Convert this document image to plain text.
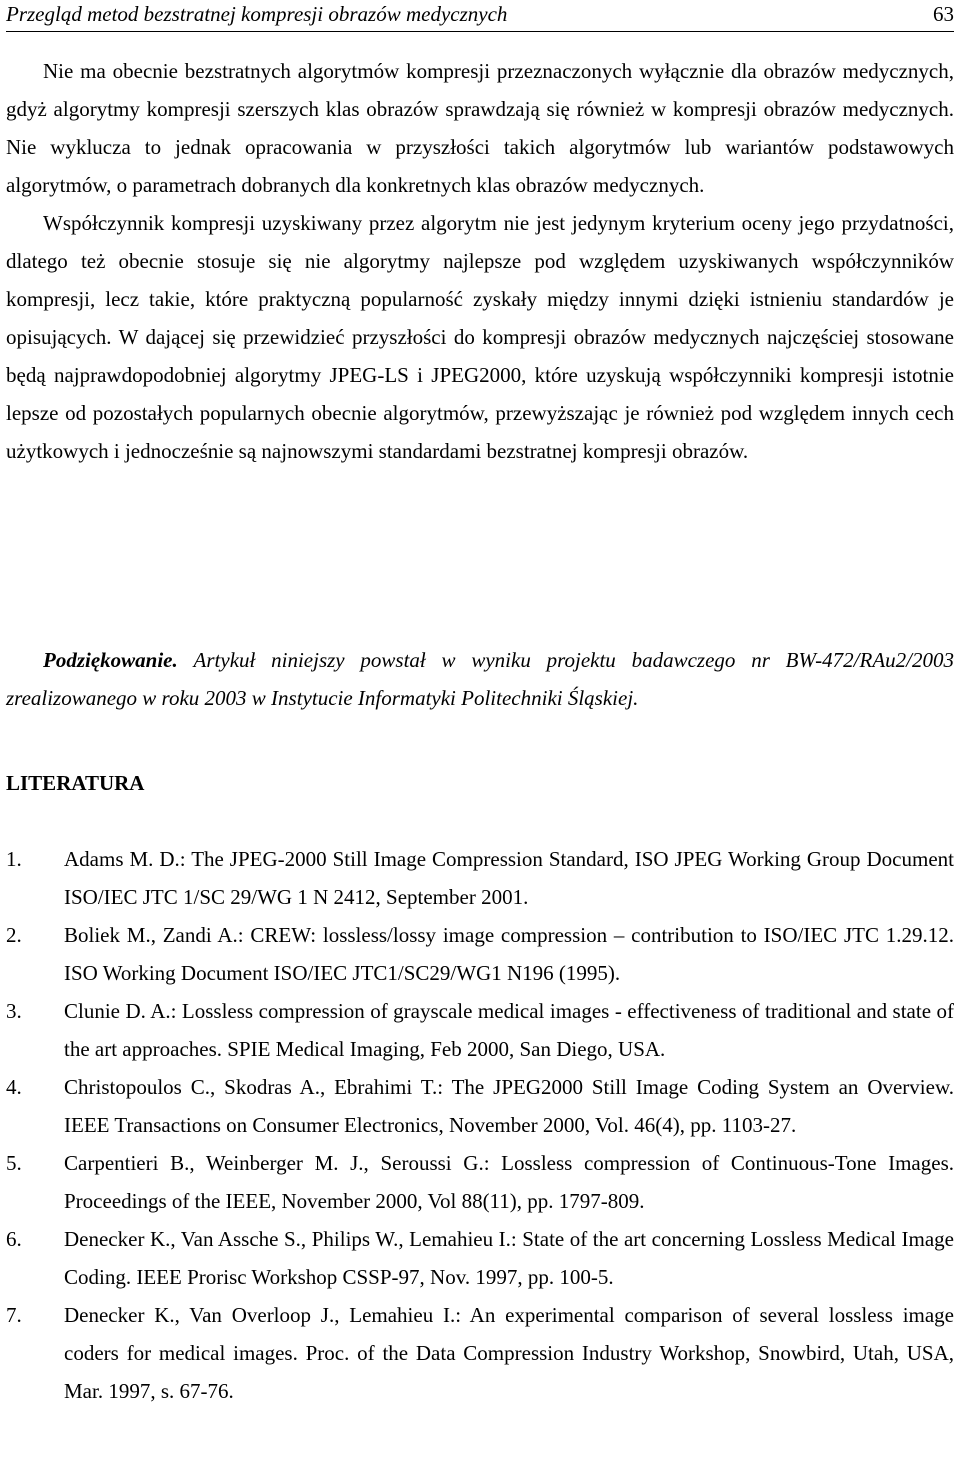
Przegląd metod bezstratnej kompresji obrazów medycznych	63

Nie ma obecnie bezstratnych algorytmów kompresji przeznaczonych wyłącznie dla obrazów medycznych, gdyż algorytmy kompresji szerszych klas obrazów sprawdzają się również w kompresji obrazów medycznych. Nie wyklucza to jednak opracowania w przyszłości takich algorytmów lub wariantów podstawowych algorytmów, o parametrach dobranych dla konkretnych klas obrazów medycznych.

Współczynnik kompresji uzyskiwany przez algorytm nie jest jedynym kryterium oceny jego przydatności, dlatego też obecnie stosuje się nie algorytmy najlepsze pod względem uzyskiwanych współczynników kompresji, lecz takie, które praktyczną popularność zyskały między innymi dzięki istnieniu standardów je opisujących. W dającej się przewidzieć przyszłości do kompresji obrazów medycznych najczęściej stosowane będą najprawdopodobniej algorytmy JPEG-LS i JPEG2000, które uzyskują współczynniki kompresji istotnie lepsze od pozostałych popularnych obecnie algorytmów, przewyższając je również pod względem innych cech użytkowych i jednocześnie są najnowszymi standardami bezstratnej kompresji obrazów.

Podziękowanie. Artykuł niniejszy powstał w wyniku projektu badawczego nr BW-472/RAu2/2003 zrealizowanego w roku 2003 w Instytucie Informatyki Politechniki Śląskiej.

LITERATURA
1. Adams M. D.: The JPEG-2000 Still Image Compression Standard, ISO JPEG Working Group Document ISO/IEC JTC 1/SC 29/WG 1 N 2412, September 2001.
2. Boliek M., Zandi A.: CREW: lossless/lossy image compression – contribution to ISO/IEC JTC 1.29.12. ISO Working Document ISO/IEC JTC1/SC29/WG1 N196 (1995).
3. Clunie D. A.: Lossless compression of grayscale medical images - effectiveness of traditional and state of the art approaches. SPIE Medical Imaging, Feb 2000, San Diego, USA.
4. Christopoulos C., Skodras A., Ebrahimi T.: The JPEG2000 Still Image Coding System an Overview. IEEE Transactions on Consumer Electronics, November 2000, Vol. 46(4), pp. 1103-27.
5. Carpentieri B., Weinberger M. J., Seroussi G.: Lossless compression of Continuous-Tone Images. Proceedings of the IEEE, November 2000, Vol 88(11), pp. 1797-809.
6. Denecker K., Van Assche S., Philips W., Lemahieu I.: State of the art concerning Lossless Medical Image Coding. IEEE Prorisc Workshop CSSP-97, Nov. 1997, pp. 100-5.
7. Denecker K., Van Overloop J., Lemahieu I.: An experimental comparison of several lossless image coders for medical images. Proc. of the Data Compression Industry Workshop, Snowbird, Utah, USA, Mar. 1997, s. 67-76.
